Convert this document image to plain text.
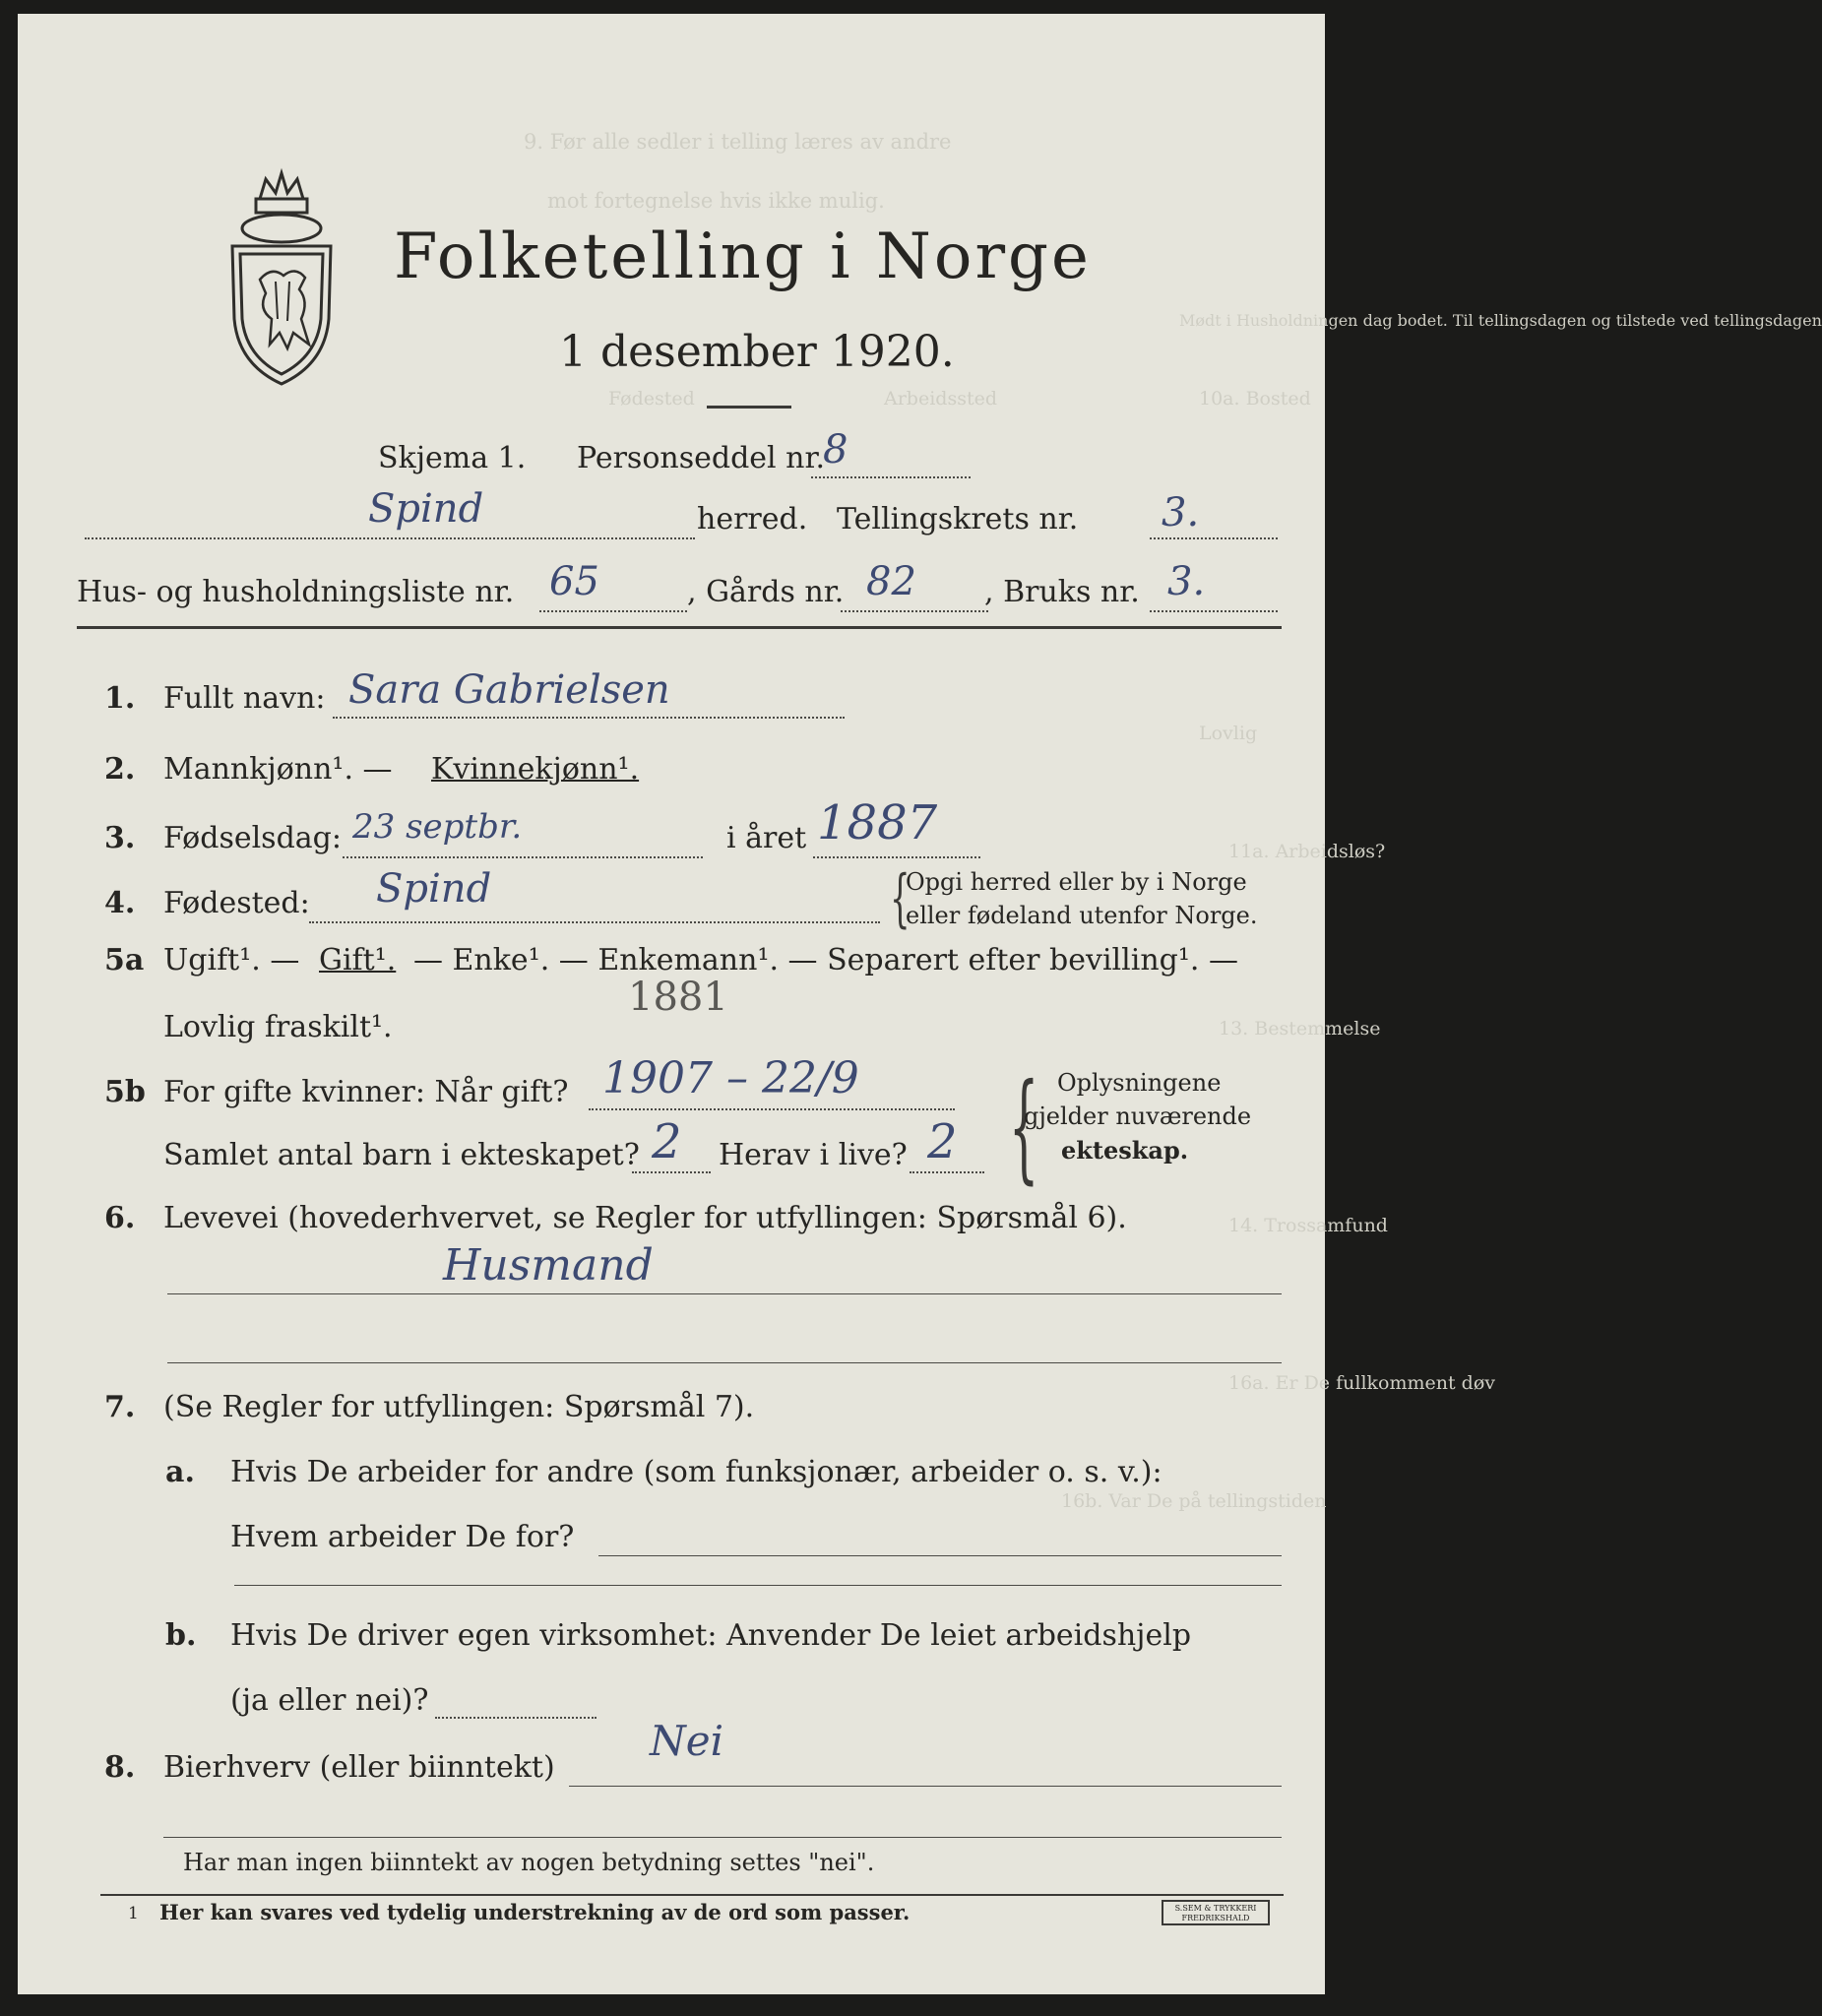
9. Før alle sedler i telling læres av andre
mot fortegnelse hvis ikke mulig.
Mødt i Husholdningen dag bodet. Til tellingsdagen og tilstede ved tellingsdagen
10a. Bosted
Fødested	Arbeidssted
Lovlig
11a. Arbeidsløs?
13. Bestemmelse
14. Trossamfund
16a. Er De fullkomment døv
16b. Var De på tellingstiden
Folketelling i Norge
1 desember 1920.
Skjema 1. Personseddel nr.
8
Spind	herred. Tellingskrets nr. 3.
Hus- og husholdningsliste nr. 65	, Gårds nr. 82 , Bruks nr. 3.
1. Fullt navn: Sara Gabrielsen
2. Mannkjønn¹. — Kvinnekjønn¹.
3. Fødselsdag: 23 septbr.	i året 1887
4. Fødested: Spind	{
Opgi herred eller by i Norge
eller fødeland utenfor Norge.
5a Ugift¹. — Gift¹. — Enke¹. — Enkemann¹. — Separert efter bevilling¹. —
Lovlig fraskilt¹.
1881
5b For gifte kvinner: Når gift? 1907 – 22/9
Samlet antal barn i ekteskapet? 2 Herav i live? 2 { Oplysningene
gjelder nuværende
ekteskap.
6. Levevei (hovederhvervet, se Regler for utfyllingen: Spørsmål 6).
Husmand
7. (Se Regler for utfyllingen: Spørsmål 7).
a. Hvis De arbeider for andre (som funksjonær, arbeider o. s. v.):
Hvem arbeider De for?
b. Hvis De driver egen virksomhet: Anvender De leiet arbeidshjelp
(ja eller nei)?
8. Bierhverv (eller biinntekt)
Nei
Har man ingen biinntekt av nogen betydning settes "nei".
1 Her kan svares ved tydelig understrekning av de ord som passer.	S.SEM & TRYKKERI
FREDRIKSHALD
